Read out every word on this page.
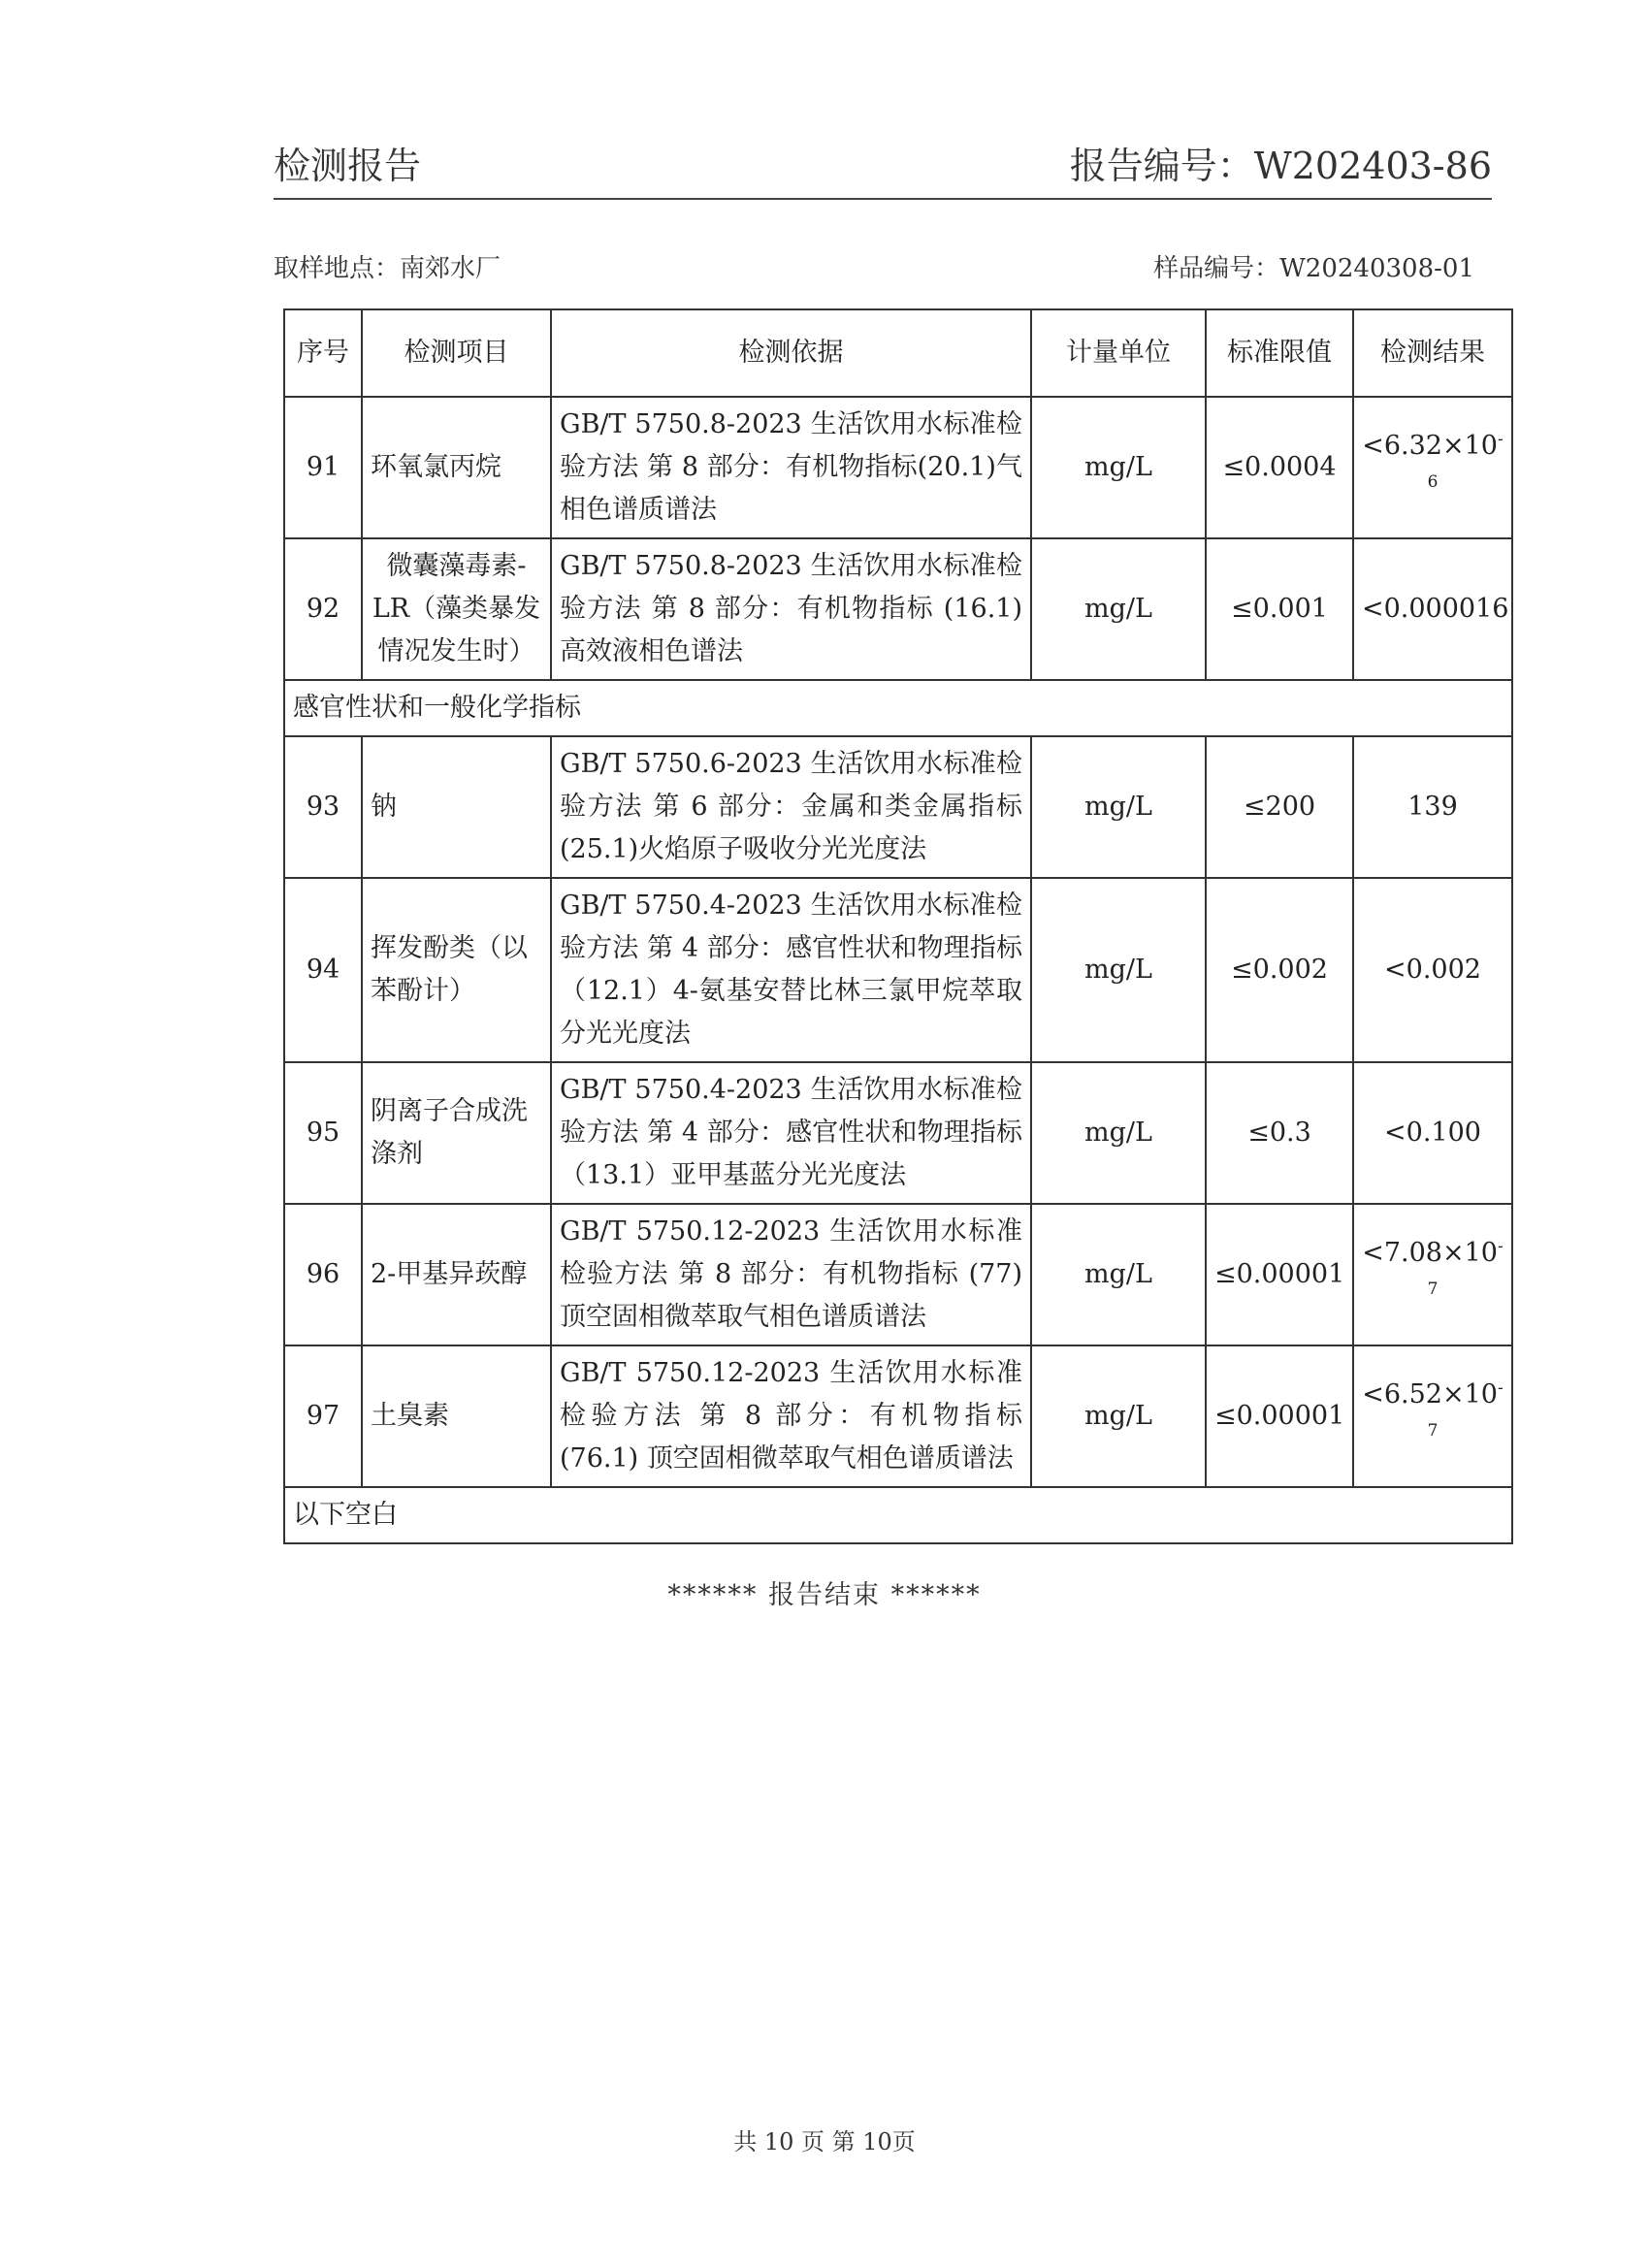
检测报告	报告编号：W202403-86
取样地点：南郊水厂	样品编号：W20240308-01
序号	检测项目	检测依据	计量单位	标准限值	检测结果
91	环氧氯丙烷	GB/T 5750.8-2023 生活饮用水标准检验方法 第 8 部分：有机物指标(20.1)气相色谱质谱法	mg/L	≤0.0004	$<6.32\times 10^{-6}$
92	微囊藻毒素-LR（藻类暴发情况发生时）	GB/T 5750.8-2023 生活饮用水标准检验方法 第 8 部分：有机物指标 (16.1) 高效液相色谱法	mg/L	≤0.001	<0.000016
感官性状和一般化学指标					
93	钠	GB/T 5750.6-2023 生活饮用水标准检验方法 第 6 部分：金属和类金属指标(25.1)火焰原子吸收分光光度法	mg/L	≤200	139
94	挥发酚类（以苯酚计）	GB/T 5750.4-2023 生活饮用水标准检验方法 第 4 部分：感官性状和物理指标 （12.1）4-氨基安替比林三氯甲烷萃取分光光度法	mg/L	≤0.002	<0.002
95	阴离子合成洗涤剂	GB/T 5750.4-2023 生活饮用水标准检验方法 第 4 部分：感官性状和物理指标（13.1）亚甲基蓝分光光度法	mg/L	≤0.3	<0.100
96	2-甲基异莰醇	GB/T 5750.12-2023 生活饮用水标准检验方法 第 8 部分：有机物指标 (77) 顶空固相微萃取气相色谱质谱法	mg/L	≤0.00001	$<7.08\times 10^{-7}$
97	土臭素	GB/T 5750.12-2023 生活饮用水标准检验方法 第 8 部分：有机物指标 (76.1) 顶空固相微萃取气相色谱质谱法	mg/L	≤0.00001	$<6.52\times 10^{-7}$
以下空白					
****** 报告结束 ******
共 10 页 第 10页
